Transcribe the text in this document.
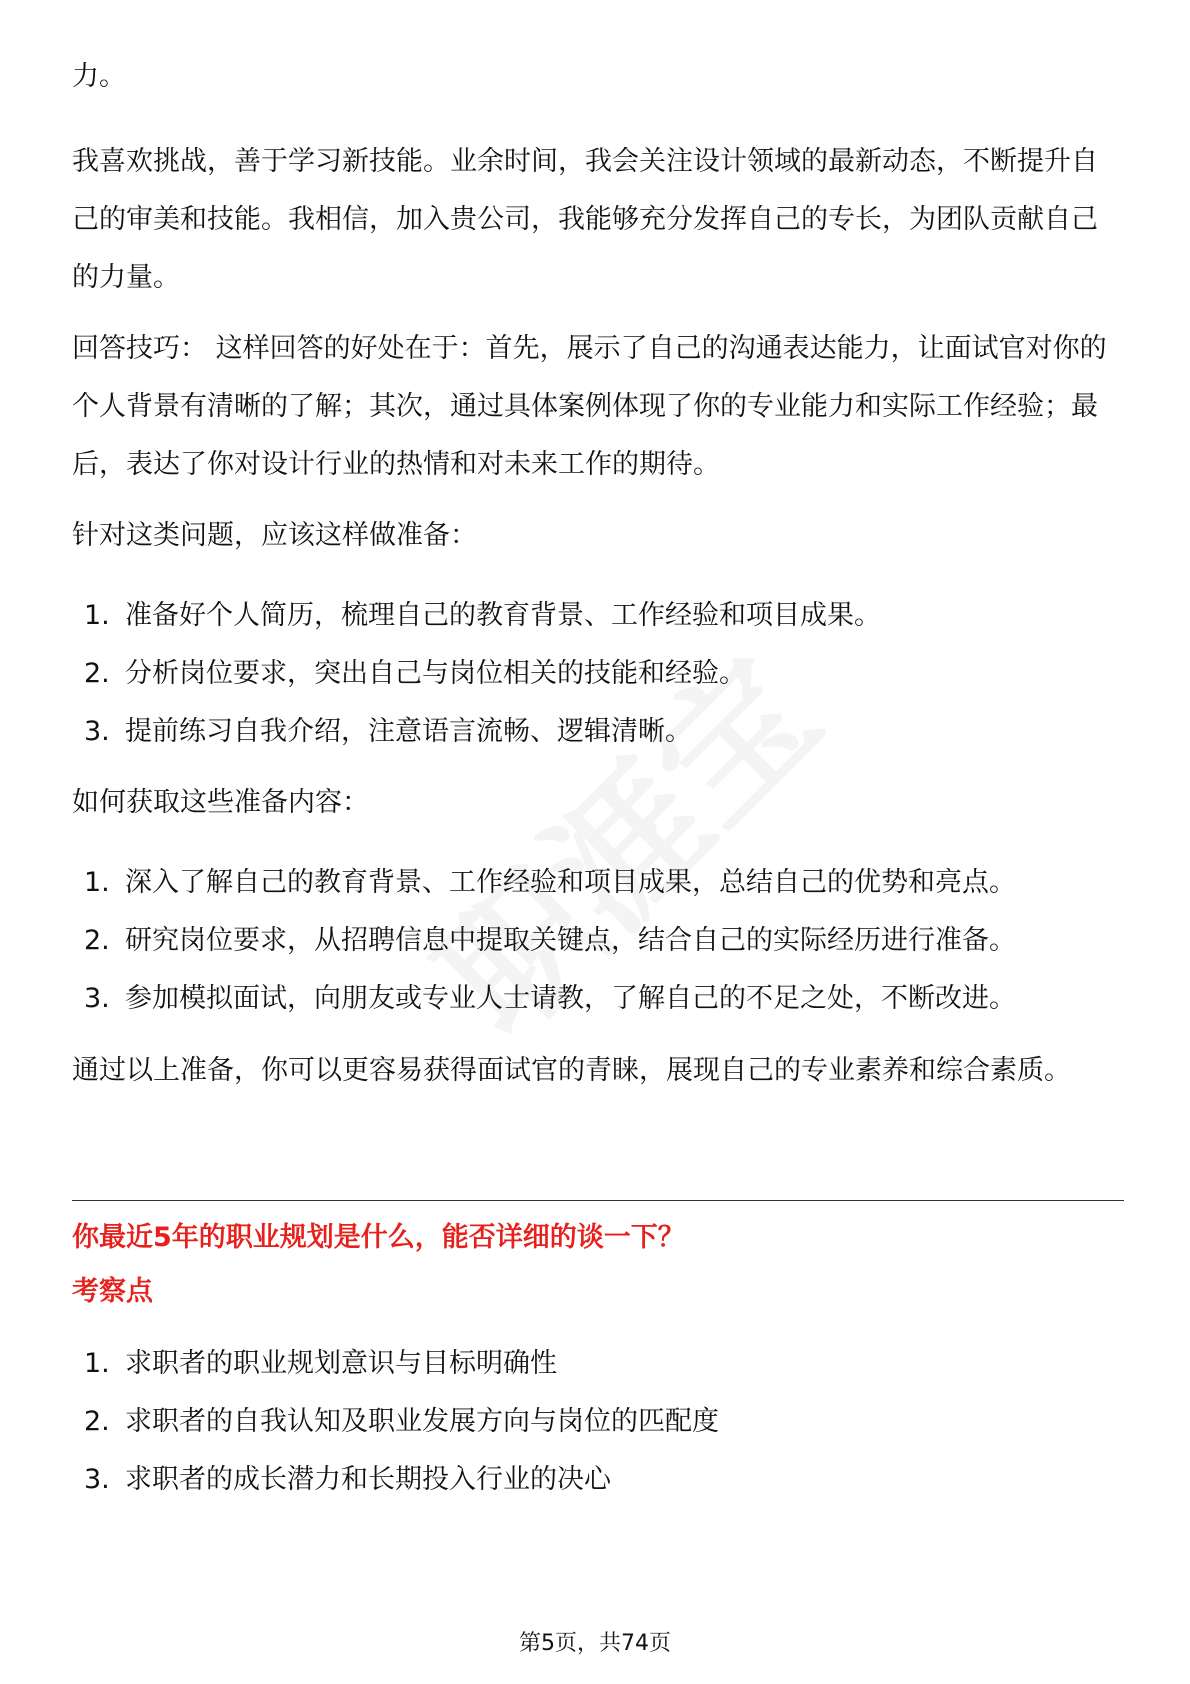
力。

我喜欢挑战，善于学习新技能。业余时间，我会关注设计领域的最新动态，不断提升自己的审美和技能。我相信，加入贵公司，我能够充分发挥自己的专长，为团队贡献自己的力量。

回答技巧： 这样回答的好处在于：首先，展示了自己的沟通表达能力，让面试官对你的个人背景有清晰的了解；其次，通过具体案例体现了你的专业能力和实际工作经验；最后，表达了你对设计行业的热情和对未来工作的期待。

针对这类问题，应该这样做准备：

1. 准备好个人简历，梳理自己的教育背景、工作经验和项目成果。
2. 分析岗位要求，突出自己与岗位相关的技能和经验。
3. 提前练习自我介绍，注意语言流畅、逻辑清晰。

如何获取这些准备内容：

1. 深入了解自己的教育背景、工作经验和项目成果，总结自己的优势和亮点。
2. 研究岗位要求，从招聘信息中提取关键点，结合自己的实际经历进行准备。
3. 参加模拟面试，向朋友或专业人士请教，了解自己的不足之处，不断改进。

通过以上准备，你可以更容易获得面试官的青睐，展现自己的专业素养和综合素质。

你最近5年的职业规划是什么，能否详细的谈一下？

考察点

1. 求职者的职业规划意识与目标明确性
2. 求职者的自我认知及职业发展方向与岗位的匹配度
3. 求职者的成长潜力和长期投入行业的决心
第5页，共74页
